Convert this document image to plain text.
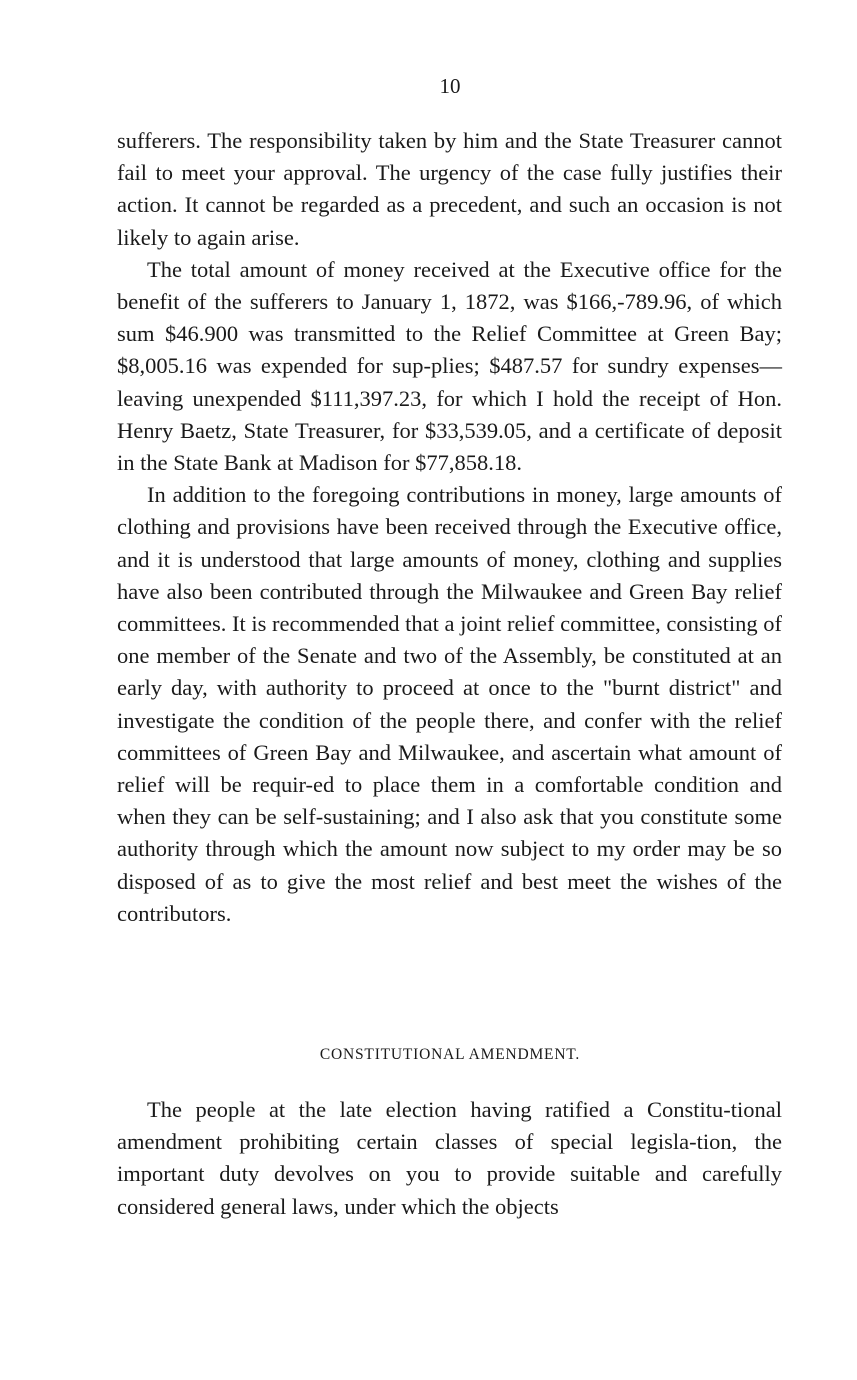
10

sufferers. The responsibility taken by him and the State Treasurer cannot fail to meet your approval. The urgency of the case fully justifies their action. It cannot be regarded as a precedent, and such an occasion is not likely to again arise.

The total amount of money received at the Executive office for the benefit of the sufferers to January 1, 1872, was $166,-789.96, of which sum $46.900 was transmitted to the Relief Committee at Green Bay; $8,005.16 was expended for sup-plies; $487.57 for sundry expenses—leaving unexpended $111,397.23, for which I hold the receipt of Hon. Henry Baetz, State Treasurer, for $33,539.05, and a certificate of deposit in the State Bank at Madison for $77,858.18.

In addition to the foregoing contributions in money, large amounts of clothing and provisions have been received through the Executive office, and it is understood that large amounts of money, clothing and supplies have also been contributed through the Milwaukee and Green Bay relief committees. It is recommended that a joint relief committee, consisting of one member of the Senate and two of the Assembly, be constituted at an early day, with authority to proceed at once to the "burnt district" and investigate the condition of the people there, and confer with the relief committees of Green Bay and Milwaukee, and ascertain what amount of relief will be requir-ed to place them in a comfortable condition and when they can be self-sustaining; and I also ask that you constitute some authority through which the amount now subject to my order may be so disposed of as to give the most relief and best meet the wishes of the contributors.

CONSTITUTIONAL AMENDMENT.

The people at the late election having ratified a Constitu-tional amendment prohibiting certain classes of special legisla-tion, the important duty devolves on you to provide suitable and carefully considered general laws, under which the objects
